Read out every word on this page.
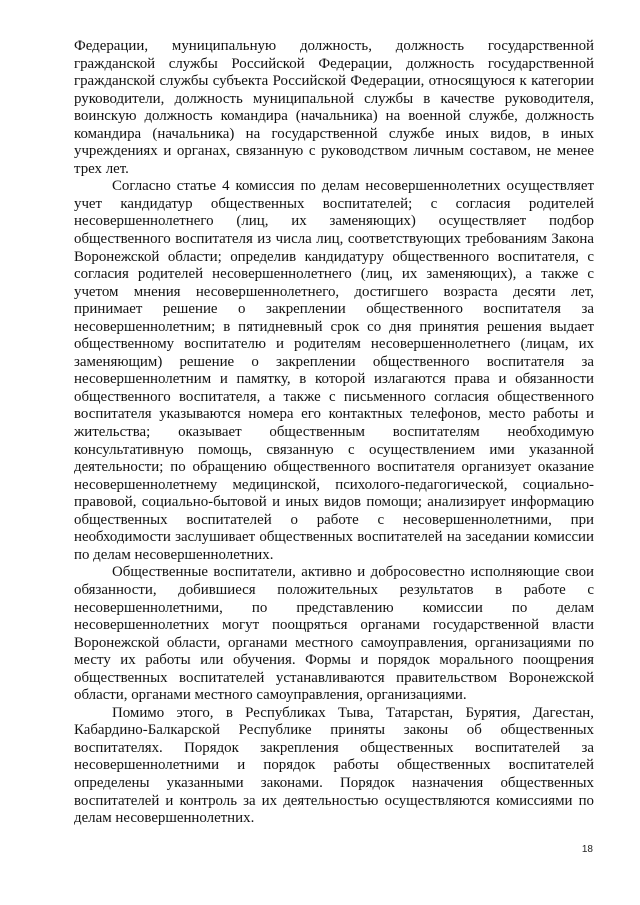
Федерации, муниципальную должность, должность государственной гражданской службы Российской Федерации, должность государственной гражданской службы субъекта Российской Федерации, относящуюся к категории руководители, должность муниципальной службы в качестве руководителя, воинскую должность командира (начальника) на военной службе, должность командира (начальника) на государственной службе иных видов, в иных учреждениях и органах, связанную с руководством личным составом, не менее трех лет.

Согласно статье 4 комиссия по делам несовершеннолетних осуществляет учет кандидатур общественных воспитателей; с согласия родителей несовершеннолетнего (лиц, их заменяющих) осуществляет подбор общественного воспитателя из числа лиц, соответствующих требованиям Закона Воронежской области; определив кандидатуру общественного воспитателя, с согласия родителей несовершеннолетнего (лиц, их заменяющих), а также с учетом мнения несовершеннолетнего, достигшего возраста десяти лет, принимает решение о закреплении общественного воспитателя за несовершеннолетним; в пятидневный срок со дня принятия решения выдает общественному воспитателю и родителям несовершеннолетнего (лицам, их заменяющим) решение о закреплении общественного воспитателя за несовершеннолетним и памятку, в которой излагаются права и обязанности общественного воспитателя, а также с письменного согласия общественного воспитателя указываются номера его контактных телефонов, место работы и жительства; оказывает общественным воспитателям необходимую консультативную помощь, связанную с осуществлением ими указанной деятельности; по обращению общественного воспитателя организует оказание несовершеннолетнему медицинской, психолого-педагогической, социально-правовой, социально-бытовой и иных видов помощи; анализирует информацию общественных воспитателей о работе с несовершеннолетними, при необходимости заслушивает общественных воспитателей на заседании комиссии по делам несовершеннолетних.

Общественные воспитатели, активно и добросовестно исполняющие свои обязанности, добившиеся положительных результатов в работе с несовершеннолетними, по представлению комиссии по делам несовершеннолетних могут поощряться органами государственной власти Воронежской области, органами местного самоуправления, организациями по месту их работы или обучения. Формы и порядок морального поощрения общественных воспитателей устанавливаются правительством Воронежской области, органами местного самоуправления, организациями.

Помимо этого, в Республиках Тыва, Татарстан, Бурятия, Дагестан, Кабардино-Балкарской Республике приняты законы об общественных воспитателях. Порядок закрепления общественных воспитателей за несовершеннолетними и порядок работы общественных воспитателей определены указанными законами. Порядок назначения общественных воспитателей и контроль за их деятельностью осуществляются комиссиями по делам несовершеннолетних.

18
